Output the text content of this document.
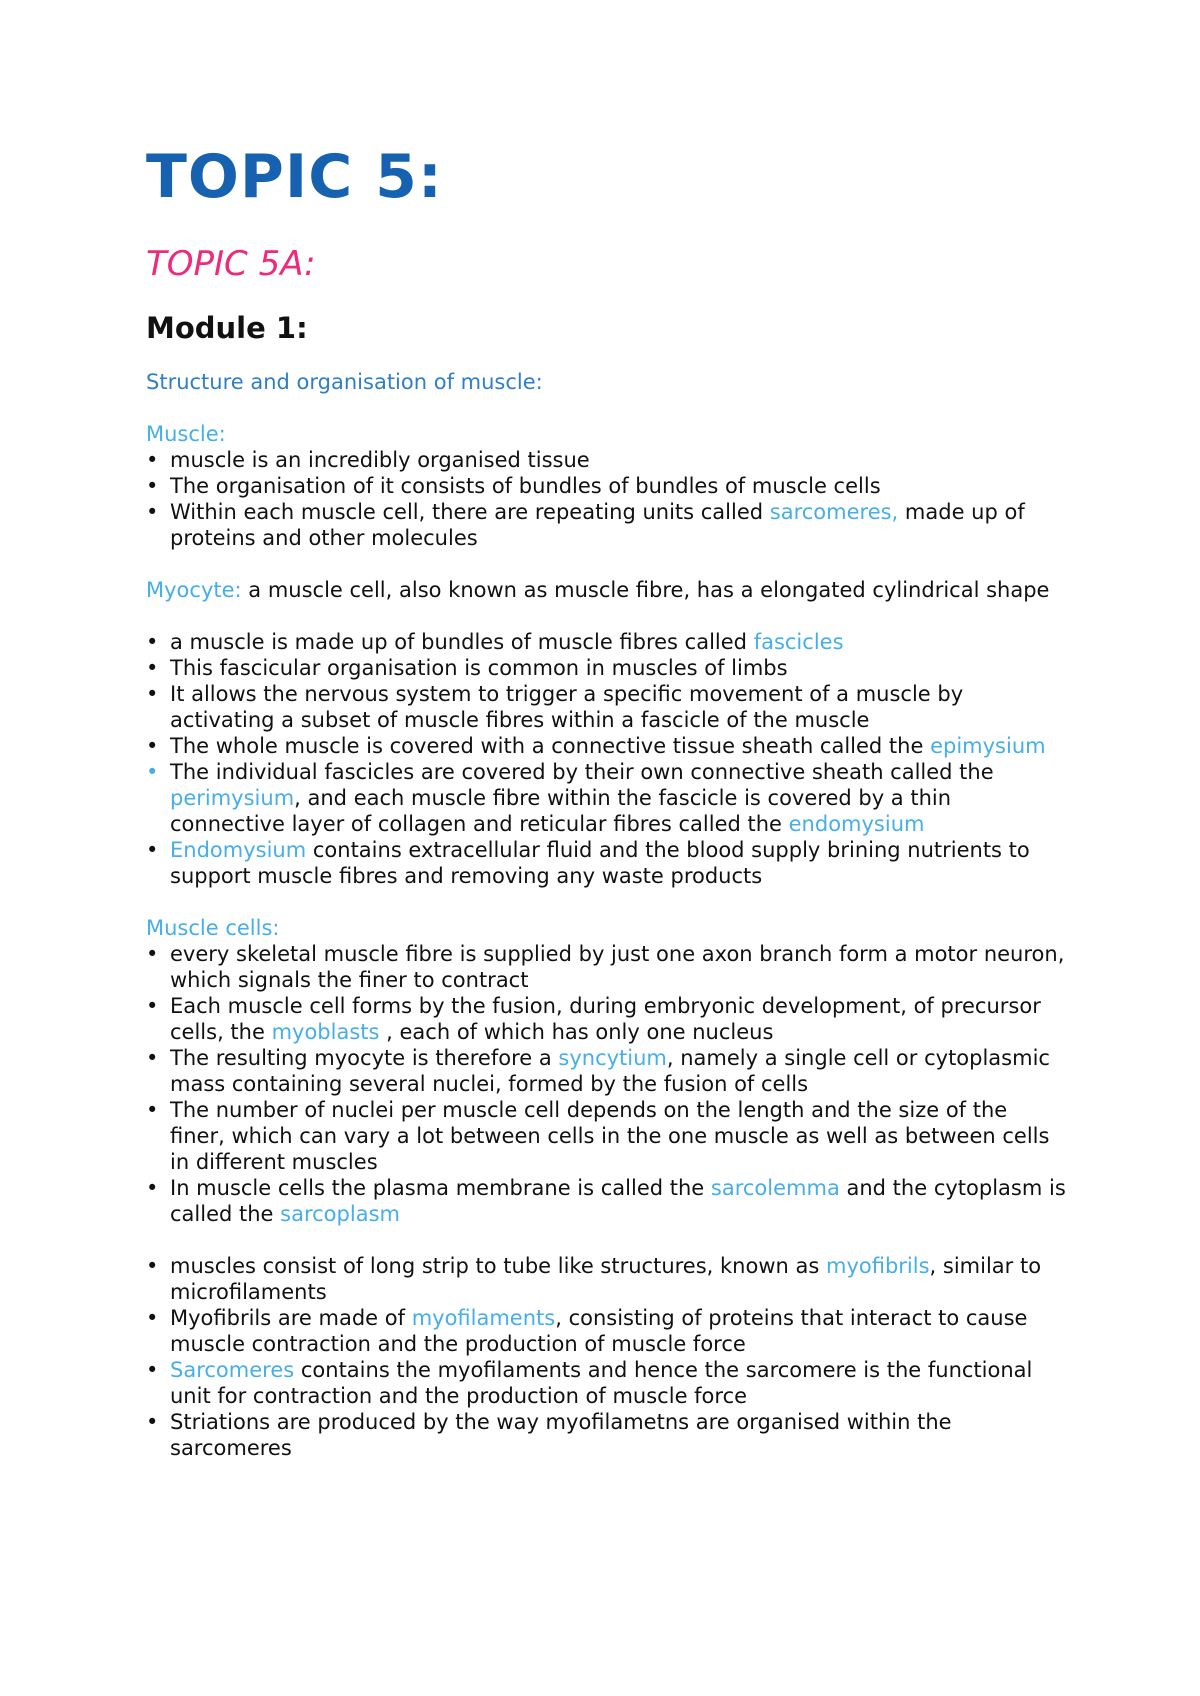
TOPIC 5:
TOPIC 5A:
Module 1:

Structure and organisation of muscle:

Muscle:

• muscle is an incredibly organised tissue
• The organisation of it consists of bundles of bundles of muscle cells
• Within each muscle cell, there are repeating units called sarcomeres, made up of proteins and other molecules

Myocyte: a muscle cell, also known as muscle fibre, has a elongated cylindrical shape

• a muscle is made up of bundles of muscle fibres called fascicles
• This fascicular organisation is common in muscles of limbs
• It allows the nervous system to trigger a specific movement of a muscle by activating a subset of muscle fibres within a fascicle of the muscle
• The whole muscle is covered with a connective tissue sheath called the epimysium
• The individual fascicles are covered by their own connective sheath called the perimysium, and each muscle fibre within the fascicle is covered by a thin connective layer of collagen and reticular fibres called the endomysium
• Endomysium contains extracellular fluid and the blood supply brining nutrients to support muscle fibres and removing any waste products

Muscle cells:

• every skeletal muscle fibre is supplied by just one axon branch form a motor neuron, which signals the finer to contract
• Each muscle cell forms by the fusion, during embryonic development, of precursor cells, the myoblasts , each of which has only one nucleus
• The resulting myocyte is therefore a syncytium, namely a single cell or cytoplasmic mass containing several nuclei, formed by the fusion of cells
• The number of nuclei per muscle cell depends on the length and the size of the finer, which can vary a lot between cells in the one muscle as well as between cells in different muscles
• In muscle cells the plasma membrane is called the sarcolemma and the cytoplasm is called the sarcoplasm
• muscles consist of long strip to tube like structures, known as myofibrils, similar to microfilaments
• Myofibrils are made of myofilaments, consisting of proteins that interact to cause muscle contraction and the production of muscle force
• Sarcomeres contains the myofilaments and hence the sarcomere is the functional unit for contraction and the production of muscle force
• Striations are produced by the way myofilametns are organised within the sarcomeres
